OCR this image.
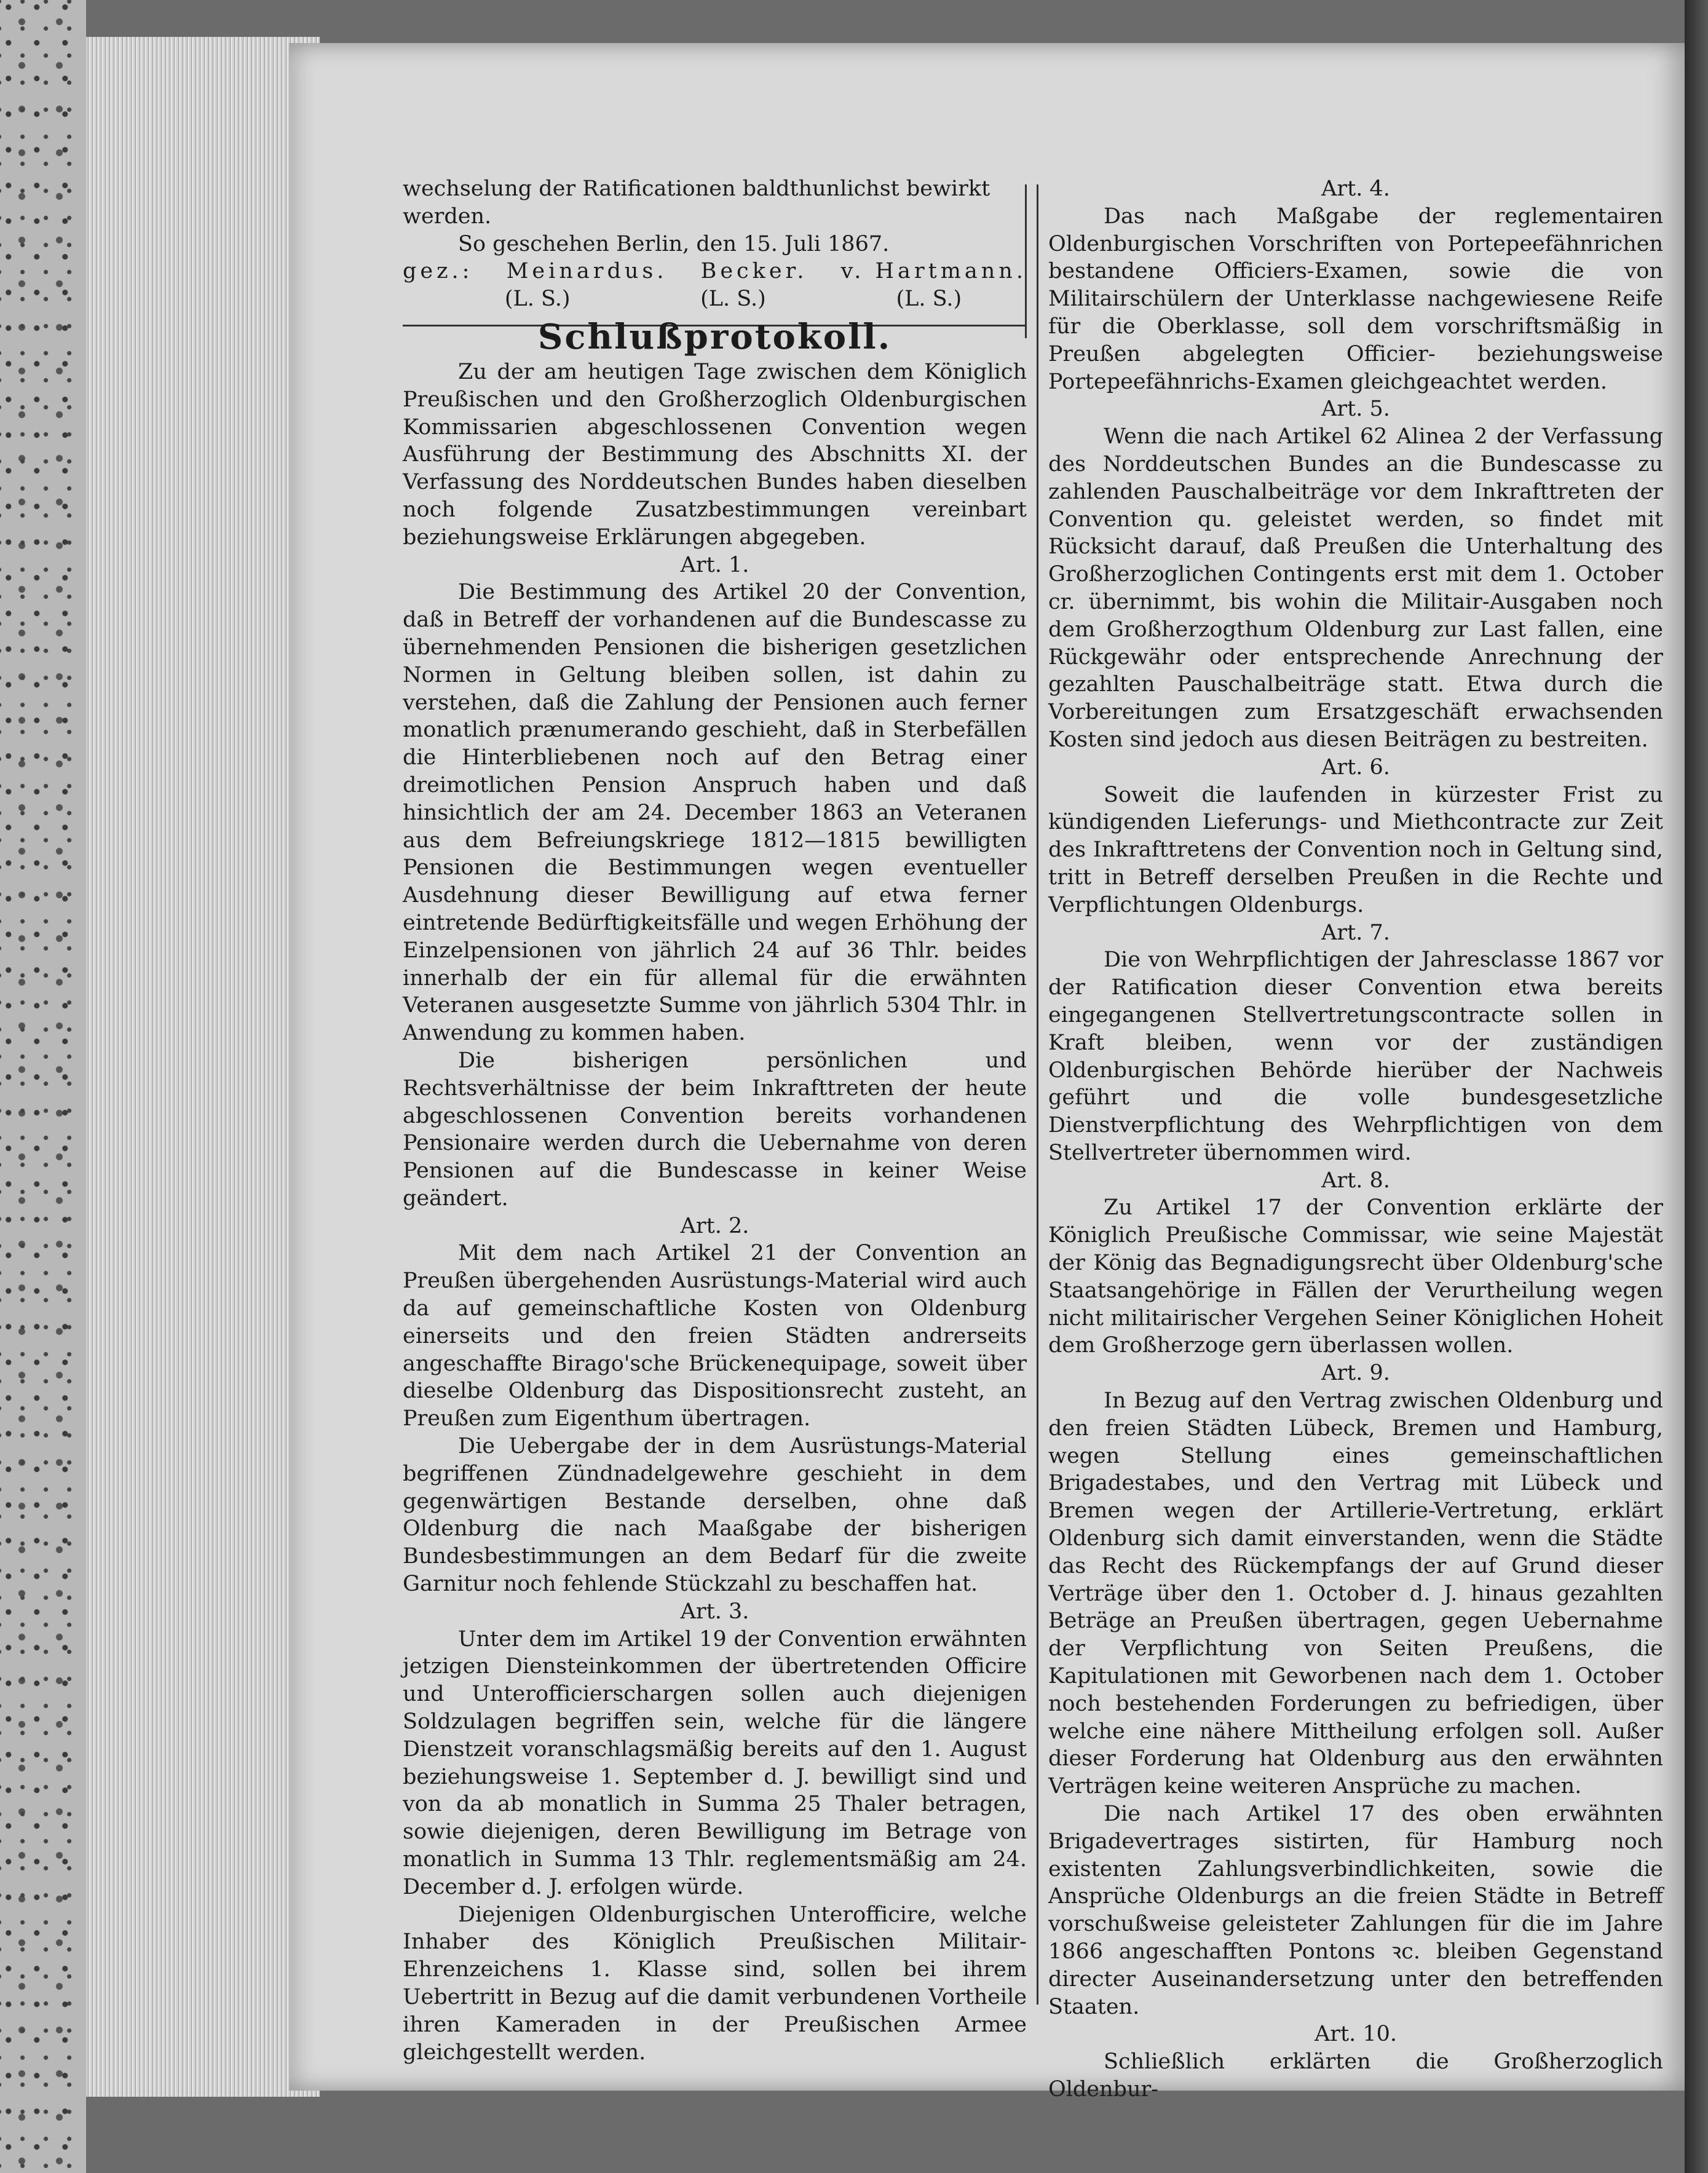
wechselung der Ratificationen baldthunlichst bewirkt

werden.

So geschehen Berlin, den 15. Juli 1867.

gez.: Meinardus. Becker. v. Hartmann.
(L. S.)	(L. S.)	(L. S.)

Schlußprotokoll.

Zu der am heutigen Tage zwischen dem Königlich Preußischen und den Großherzoglich Oldenburgischen Kommissarien abgeschlossenen Convention wegen Ausführung der Bestimmung des Abschnitts XI. der Verfassung des Norddeutschen Bundes haben dieselben noch folgende Zusatzbestimmungen vereinbart beziehungsweise Erklärungen abgegeben.

Art. 1.

Die Bestimmung des Artikel 20 der Convention, daß in Betreff der vorhandenen auf die Bundescasse zu übernehmenden Pensionen die bisherigen gesetzlichen Normen in Geltung bleiben sollen, ist dahin zu verstehen, daß die Zahlung der Pensionen auch ferner monatlich prænumerando geschieht, daß in Sterbefällen die Hinterbliebenen noch auf den Betrag einer dreimotlichen Pension Anspruch haben und daß hinsichtlich der am 24. December 1863 an Veteranen aus dem Befreiungskriege 1812—1815 bewilligten Pensionen die Bestimmungen wegen eventueller Ausdehnung dieser Bewilligung auf etwa ferner eintretende Bedürftigkeitsfälle und wegen Erhöhung der Einzelpensionen von jährlich 24 auf 36 Thlr. beides innerhalb der ein für allemal für die erwähnten Veteranen ausgesetzte Summe von jährlich 5304 Thlr. in Anwendung zu kommen haben.

Die bisherigen persönlichen und Rechtsverhältnisse der beim Inkrafttreten der heute abgeschlossenen Convention bereits vorhandenen Pensionaire werden durch die Uebernahme von deren Pensionen auf die Bundescasse in keiner Weise geändert.

Art. 2.

Mit dem nach Artikel 21 der Convention an Preußen übergehenden Ausrüstungs-Material wird auch da auf gemeinschaftliche Kosten von Oldenburg einerseits und den freien Städten andrerseits angeschaffte Birago'sche Brückenequipage, soweit über dieselbe Oldenburg das Dispositionsrecht zusteht, an Preußen zum Eigenthum übertragen.

Die Uebergabe der in dem Ausrüstungs-Material begriffenen Zündnadelgewehre geschieht in dem gegenwärtigen Bestande derselben, ohne daß Oldenburg die nach Maaßgabe der bisherigen Bundesbestimmungen an dem Bedarf für die zweite Garnitur noch fehlende Stückzahl zu beschaffen hat.

Art. 3.

Unter dem im Artikel 19 der Convention erwähnten jetzigen Diensteinkommen der übertretenden Officire und Unterofficierschargen sollen auch diejenigen Soldzulagen begriffen sein, welche für die längere Dienstzeit voranschlagsmäßig bereits auf den 1. August beziehungsweise 1. September d. J. bewilligt sind und von da ab monatlich in Summa 25 Thaler betragen, sowie diejenigen, deren Bewilligung im Betrage von monatlich in Summa 13 Thlr. reglementsmäßig am 24. December d. J. erfolgen würde.

Diejenigen Oldenburgischen Unterofficire, welche Inhaber des Königlich Preußischen Militair-Ehrenzeichens 1. Klasse sind, sollen bei ihrem Uebertritt in Bezug auf die damit verbundenen Vortheile ihren Kameraden in der Preußischen Armee gleichgestellt werden.

Art. 4.

Das nach Maßgabe der reglementairen Oldenburgischen Vorschriften von Portepeefähnrichen bestandene Officiers-Examen, sowie die von Militairschülern der Unterklasse nachgewiesene Reife für die Oberklasse, soll dem vorschriftsmäßig in Preußen abgelegten Officier- beziehungsweise Portepeefähnrichs-Examen gleichgeachtet werden.

Art. 5.

Wenn die nach Artikel 62 Alinea 2 der Verfassung des Norddeutschen Bundes an die Bundescasse zu zahlenden Pauschalbeiträge vor dem Inkrafttreten der Convention qu. geleistet werden, so findet mit Rücksicht darauf, daß Preußen die Unterhaltung des Großherzoglichen Contingents erst mit dem 1. October cr. übernimmt, bis wohin die Militair-Ausgaben noch dem Großherzogthum Oldenburg zur Last fallen, eine Rückgewähr oder entsprechende Anrechnung der gezahlten Pauschalbeiträge statt. Etwa durch die Vorbereitungen zum Ersatzgeschäft erwachsenden Kosten sind jedoch aus diesen Beiträgen zu bestreiten.

Art. 6.

Soweit die laufenden in kürzester Frist zu kündigenden Lieferungs- und Miethcontracte zur Zeit des Inkrafttretens der Convention noch in Geltung sind, tritt in Betreff derselben Preußen in die Rechte und Verpflichtungen Oldenburgs.

Art. 7.

Die von Wehrpflichtigen der Jahresclasse 1867 vor der Ratification dieser Convention etwa bereits eingegangenen Stellvertretungscontracte sollen in Kraft bleiben, wenn vor der zuständigen Oldenburgischen Behörde hierüber der Nachweis geführt und die volle bundesgesetzliche Dienstverpflichtung des Wehrpflichtigen von dem Stellvertreter übernommen wird.

Art. 8.

Zu Artikel 17 der Convention erklärte der Königlich Preußische Commissar, wie seine Majestät der König das Begnadigungsrecht über Oldenburg'sche Staatsangehörige in Fällen der Verurtheilung wegen nicht militairischer Vergehen Seiner Königlichen Hoheit dem Großherzoge gern überlassen wollen.

Art. 9.

In Bezug auf den Vertrag zwischen Oldenburg und den freien Städten Lübeck, Bremen und Hamburg, wegen Stellung eines gemeinschaftlichen Brigadestabes, und den Vertrag mit Lübeck und Bremen wegen der Artillerie-Vertretung, erklärt Oldenburg sich damit einverstanden, wenn die Städte das Recht des Rückempfangs der auf Grund dieser Verträge über den 1. October d. J. hinaus gezahlten Beträge an Preußen übertragen, gegen Uebernahme der Verpflichtung von Seiten Preußens, die Kapitulationen mit Geworbenen nach dem 1. October noch bestehenden Forderungen zu befriedigen, über welche eine nähere Mittheilung erfolgen soll. Außer dieser Forderung hat Oldenburg aus den erwähnten Verträgen keine weiteren Ansprüche zu machen.

Die nach Artikel 17 des oben erwähnten Brigadevertrages sistirten, für Hamburg noch existenten Zahlungsverbindlichkeiten, sowie die Ansprüche Oldenburgs an die freien Städte in Betreff vorschußweise geleisteter Zahlungen für die im Jahre 1866 angeschafften Pontons ꝛc. bleiben Gegenstand directer Auseinandersetzung unter den betreffenden Staaten.

Art. 10.

Schließlich erklärten die Großherzoglich Oldenbur-
